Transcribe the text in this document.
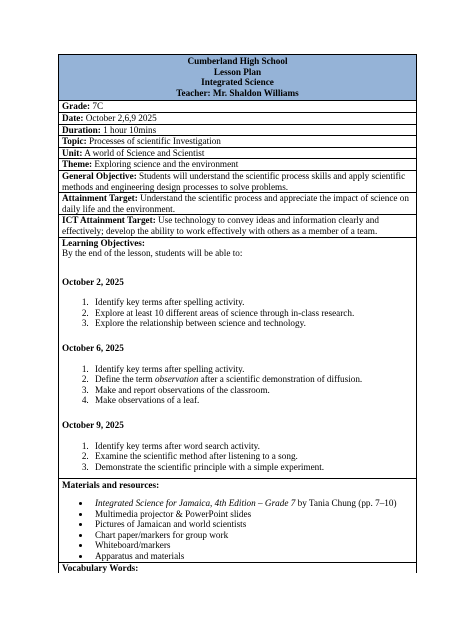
Cumberland High School
Lesson Plan
Integrated Science
Teacher: Mr. Shaldon Williams
Grade: 7C
Date: October 2,6,9 2025
Duration: 1 hour 10mins
Topic: Processes of scientific Investigation
Unit: A world of Science and Scientist
Theme: Exploring science and the environment
General Objective: Students will understand the scientific process skills and apply scientific methods and engineering design processes to solve problems.
Attainment Target: Understand the scientific process and appreciate the impact of science on daily life and the environment.
ICT Attainment Target: Use technology to convey ideas and information clearly and effectively; develop the ability to work effectively with others as a member of a team.
Learning Objectives:
By the end of the lesson, students will be able to:
October 2, 2025
1. Identify key terms after spelling activity.
2. Explore at least 10 different areas of science through in-class research.
3. Explore the relationship between science and technology.
October 6, 2025
1. Identify key terms after spelling activity.
2. Define the term observation after a scientific demonstration of diffusion.
3. Make and report observations of the classroom.
4. Make observations of a leaf.
October 9, 2025
1. Identify key terms after word search activity.
2. Examine the scientific method after listening to a song.
3. Demonstrate the scientific principle with a simple experiment.
Materials and resources:
• Integrated Science for Jamaica, 4th Edition – Grade 7 by Tania Chung (pp. 7–10)
• Multimedia projector & PowerPoint slides
• Pictures of Jamaican and world scientists
• Chart paper/markers for group work
• Whiteboard/markers
• Apparatus and materials
Vocabulary Words:
